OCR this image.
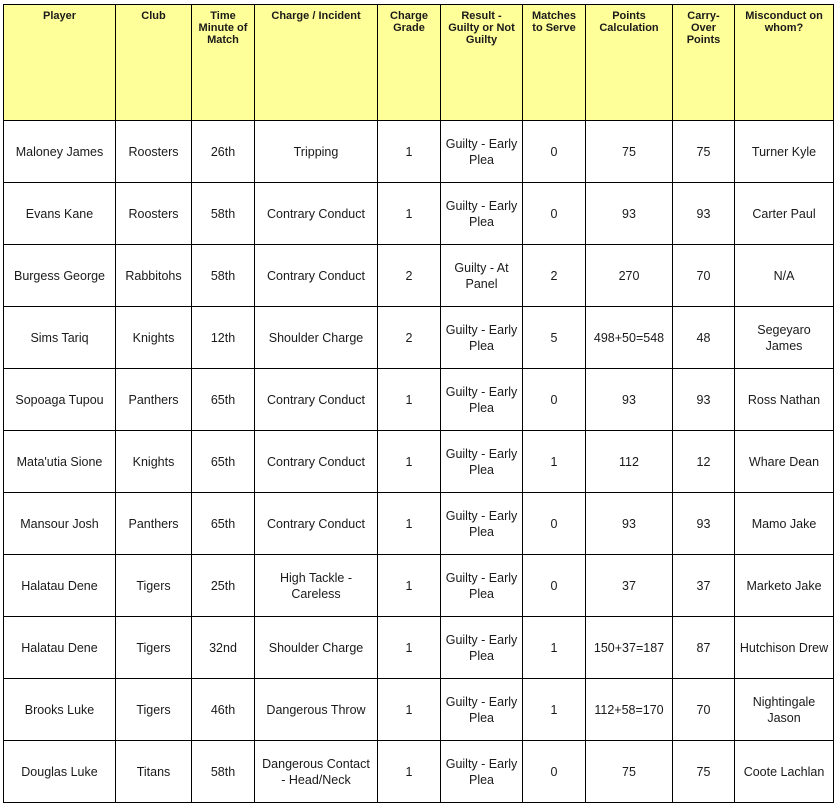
Player	Club	Time Minute of Match	Charge / Incident	Charge Grade	Result - Guilty or Not Guilty	Matches to Serve	Points Calculation	Carry-Over Points	Misconduct on whom?
Maloney James	Roosters	26th	Tripping	1	Guilty - Early Plea	0	75	75	Turner Kyle
Evans Kane	Roosters	58th	Contrary Conduct	1	Guilty - Early Plea	0	93	93	Carter Paul
Burgess George	Rabbitohs	58th	Contrary Conduct	2	Guilty - At Panel	2	270	70	N/A
Sims Tariq	Knights	12th	Shoulder Charge	2	Guilty - Early Plea	5	498+50=548	48	Segeyaro James
Sopoaga Tupou	Panthers	65th	Contrary Conduct	1	Guilty - Early Plea	0	93	93	Ross Nathan
Mata'utia Sione	Knights	65th	Contrary Conduct	1	Guilty - Early Plea	1	112	12	Whare Dean
Mansour Josh	Panthers	65th	Contrary Conduct	1	Guilty - Early Plea	0	93	93	Mamo Jake
Halatau Dene	Tigers	25th	High Tackle - Careless	1	Guilty - Early Plea	0	37	37	Marketo Jake
Halatau Dene	Tigers	32nd	Shoulder Charge	1	Guilty - Early Plea	1	150+37=187	87	Hutchison Drew
Brooks Luke	Tigers	46th	Dangerous Throw	1	Guilty - Early Plea	1	112+58=170	70	Nightingale Jason
Douglas Luke	Titans	58th	Dangerous Contact - Head/Neck	1	Guilty - Early Plea	0	75	75	Coote Lachlan
